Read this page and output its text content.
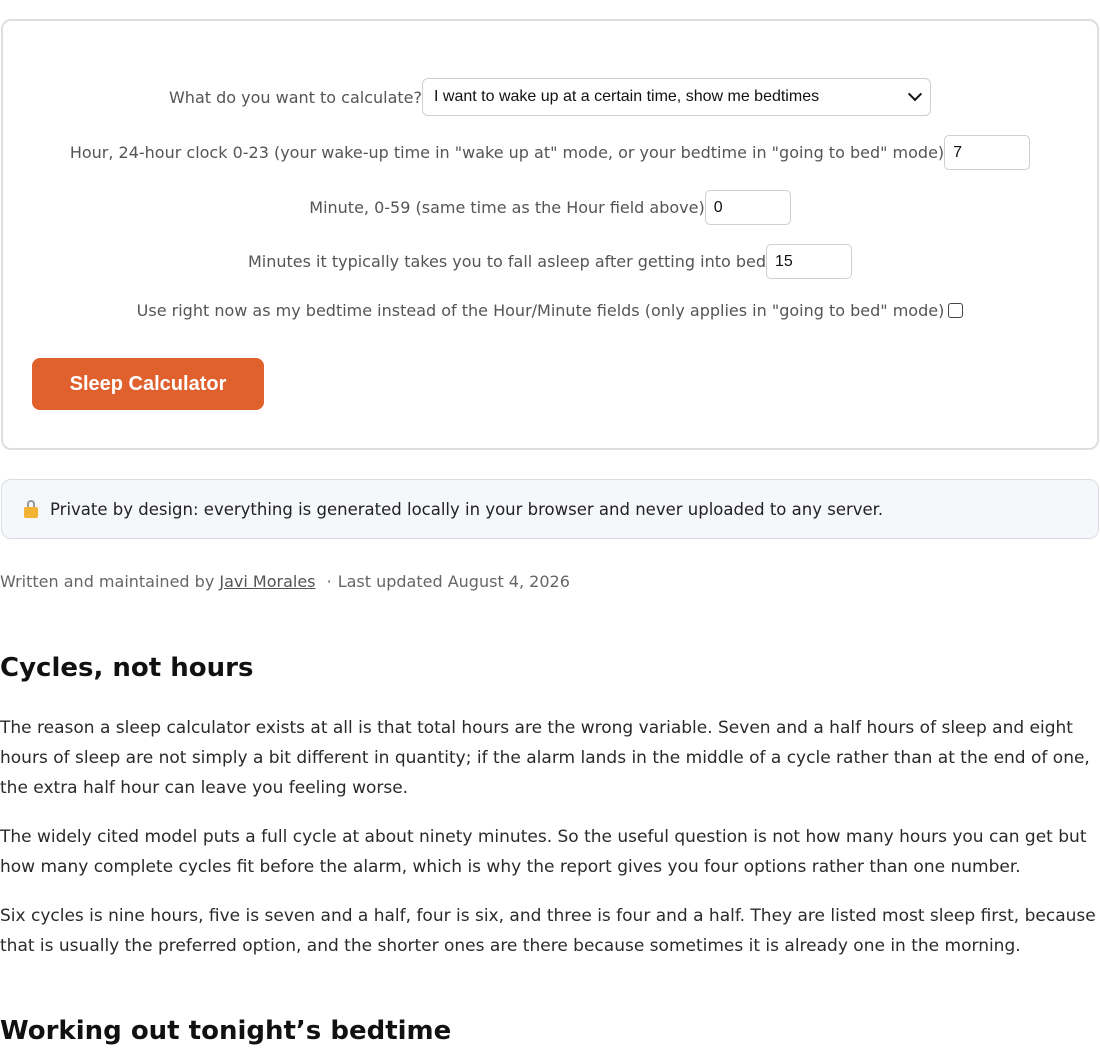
What do you want to calculate? I want to wake up at a certain time, show me bedtimes
Hour, 24-hour clock 0-23 (your wake-up time in "wake up at" mode, or your bedtime in "going to bed" mode)
7
Minute, 0-59 (same time as the Hour field above)
0
Minutes it typically takes you to fall asleep after getting into bed
15
Use right now as my bedtime instead of the Hour/Minute fields (only applies in "going to bed" mode)
Sleep Calculator
Private by design: everything is generated locally in your browser and never uploaded to any server.
Written and maintained by Javi Morales · Last updated August 4, 2026
Cycles, not hours

The reason a sleep calculator exists at all is that total hours are the wrong variable. Seven and a half hours of sleep and eight hours of sleep are not simply a bit different in quantity; if the alarm lands in the middle of a cycle rather than at the end of one, the extra half hour can leave you feeling worse.

The widely cited model puts a full cycle at about ninety minutes. So the useful question is not how many hours you can get but how many complete cycles fit before the alarm, which is why the report gives you four options rather than one number.

Six cycles is nine hours, five is seven and a half, four is six, and three is four and a half. They are listed most sleep first, because that is usually the preferred option, and the shorter ones are there because sometimes it is already one in the morning.

Working out tonight’s bedtime
